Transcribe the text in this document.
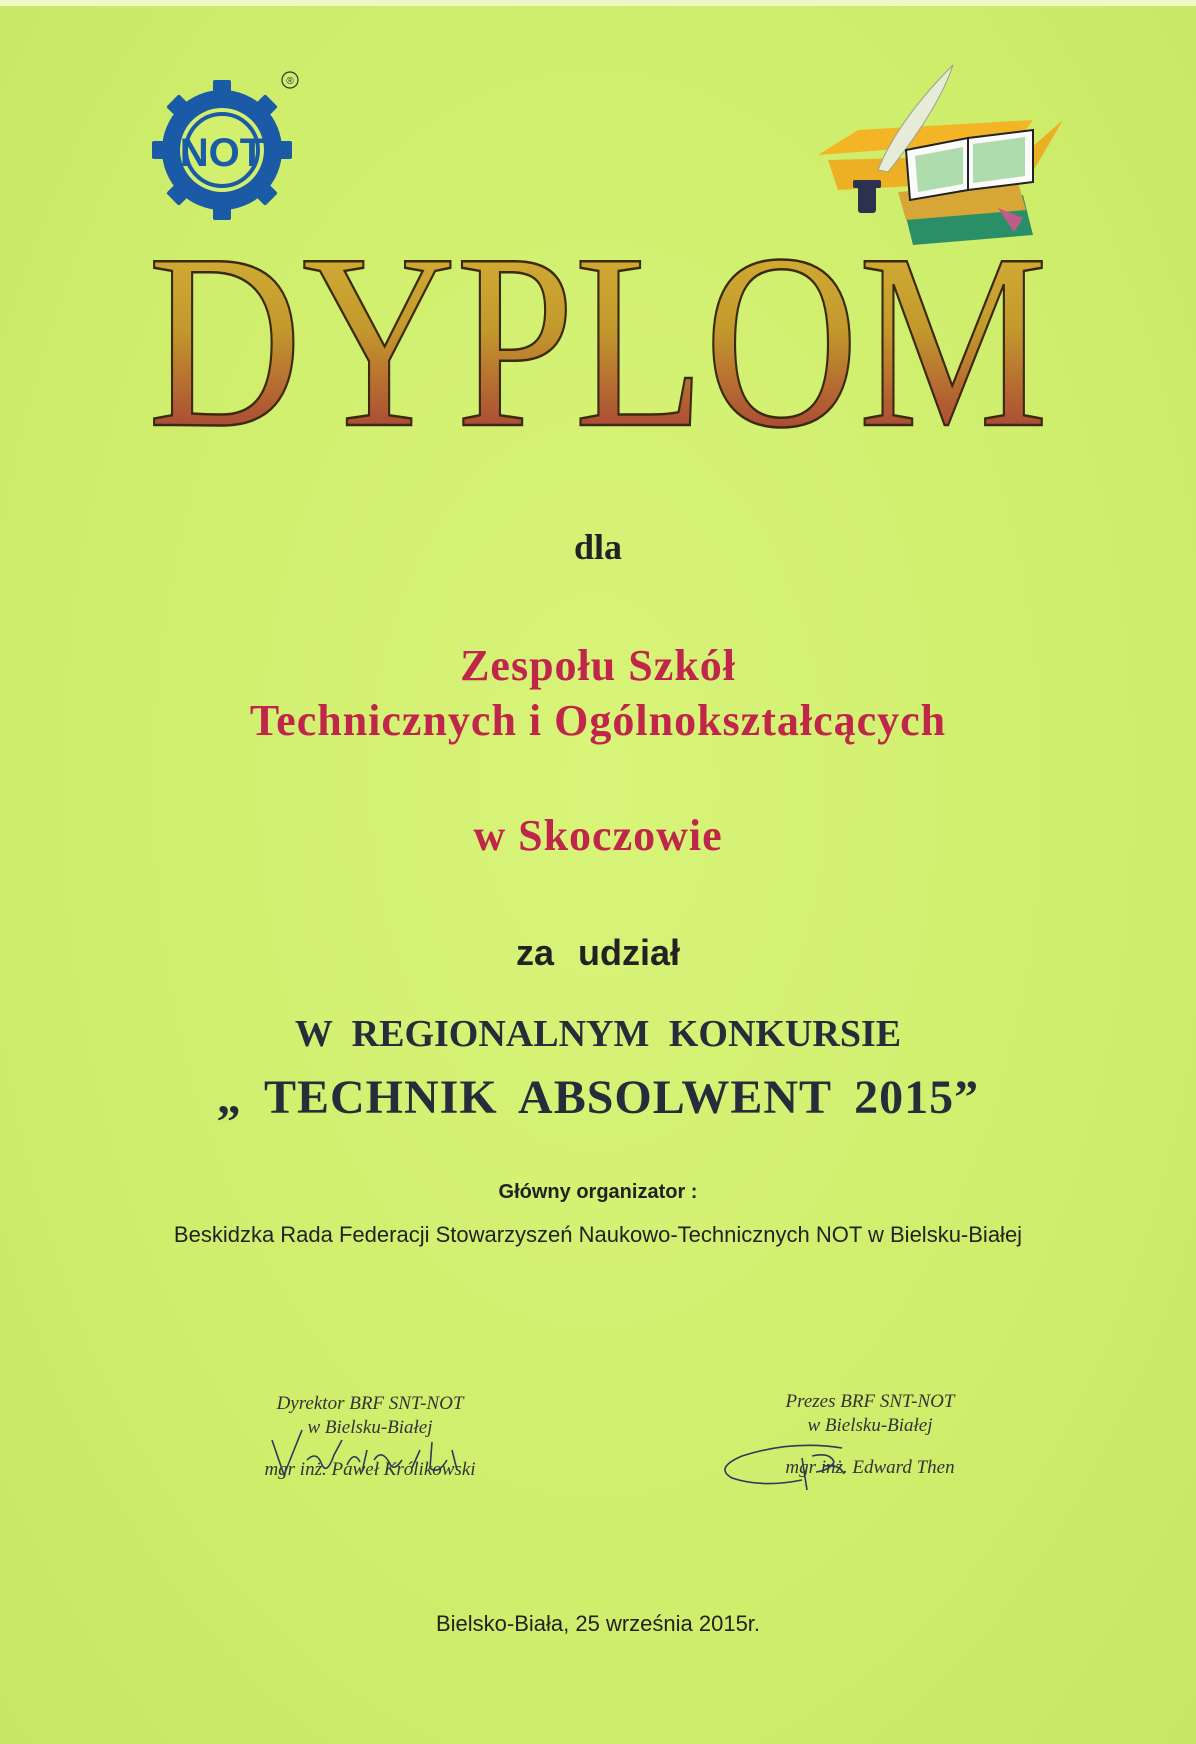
NOT
®
DYPLOM
dla
Zespołu Szkół
Technicznych i Ogólnokształcących
w Skoczowie
za udział
W REGIONALNYM KONKURSIE
„ TECHNIK ABSOLWENT 2015”
Główny organizator :
Beskidzka Rada Federacji Stowarzyszeń Naukowo-Technicznych NOT w Bielsku-Białej
Dyrektor BRF SNT-NOT
w Bielsku-Białej
mgr inż. Paweł Królikowski
Prezes BRF SNT-NOT
w Bielsku-Białej
mgr inż. Edward Then
Bielsko-Biała, 25 września 2015r.
